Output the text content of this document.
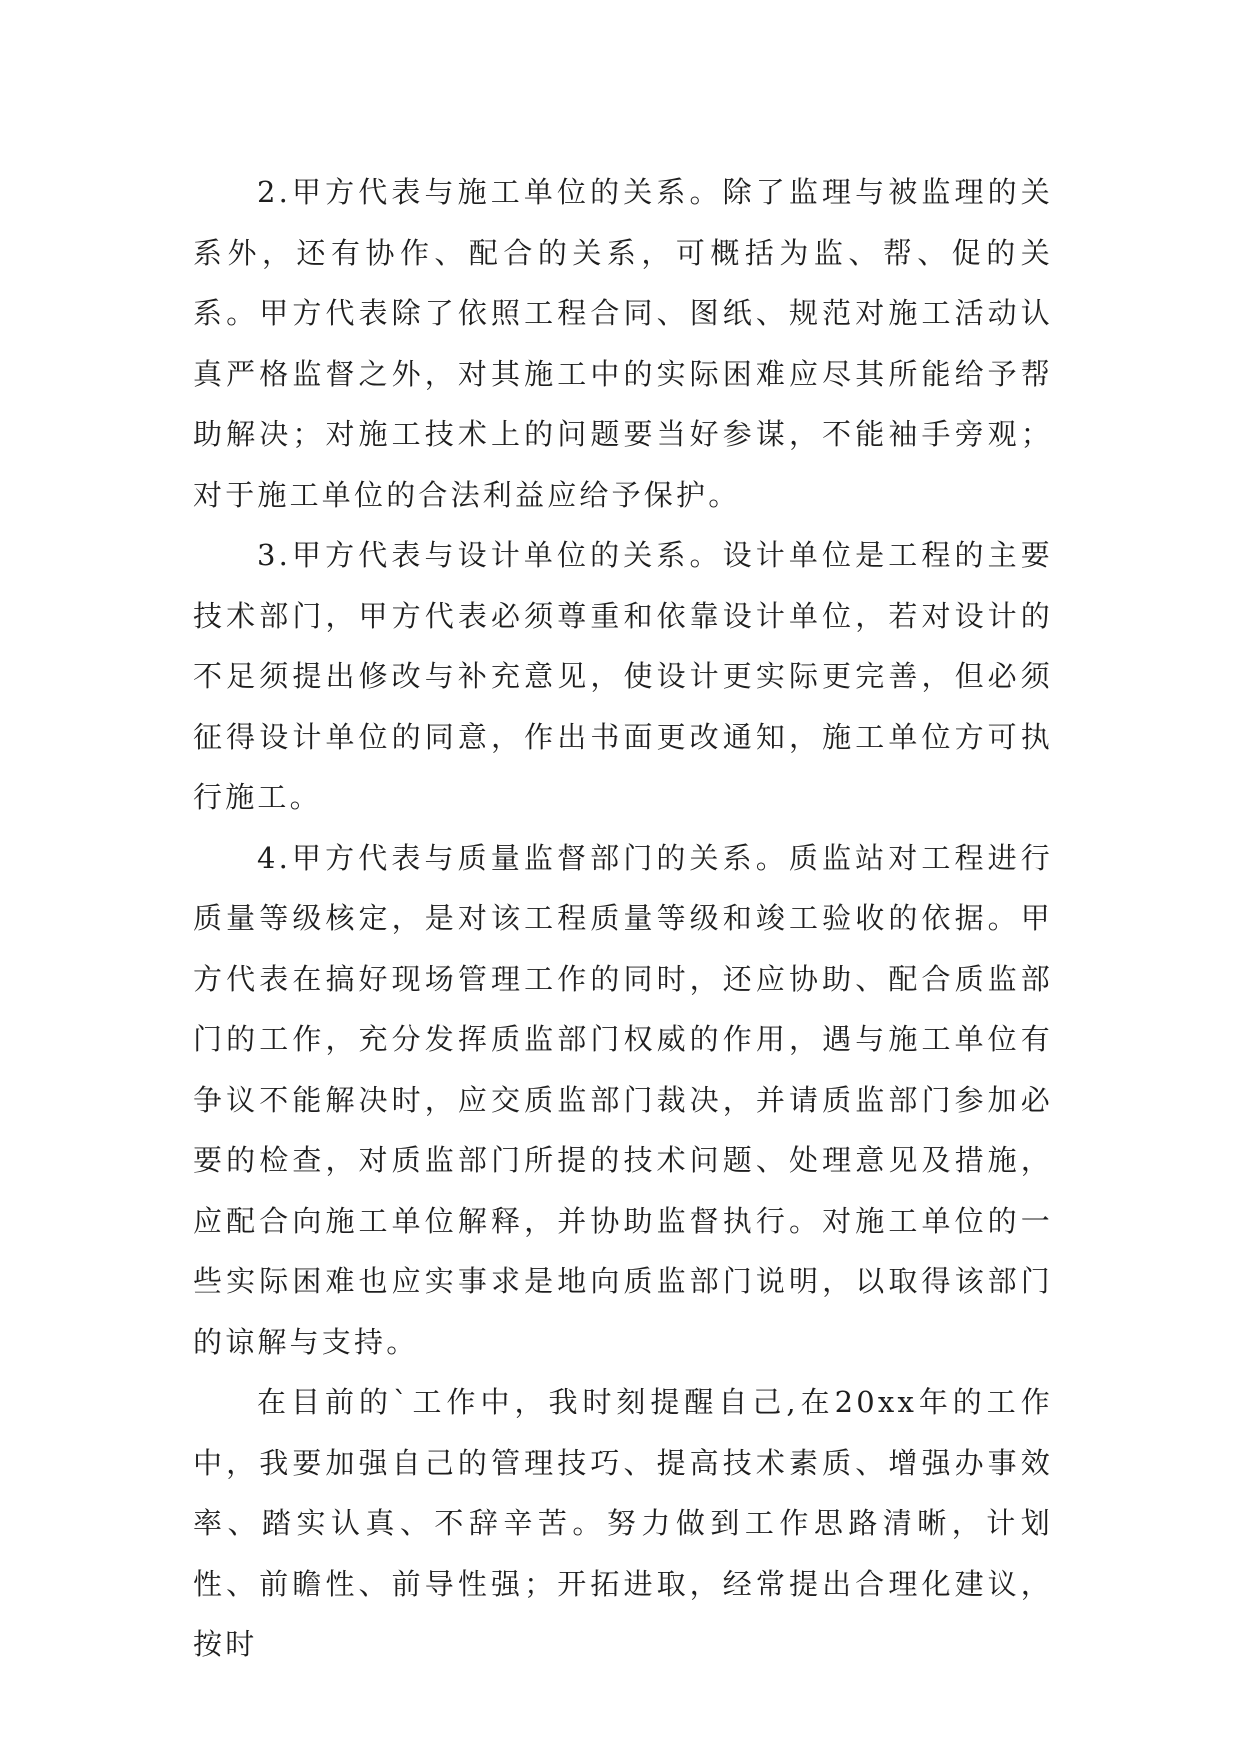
2.甲方代表与施工单位的关系。除了监理与被监理的关系外，还有协作、配合的关系，可概括为监、帮、促的关系。甲方代表除了依照工程合同、图纸、规范对施工活动认真严格监督之外，对其施工中的实际困难应尽其所能给予帮助解决；对施工技术上的问题要当好参谋，不能袖手旁观；对于施工单位的合法利益应给予保护。

3.甲方代表与设计单位的关系。设计单位是工程的主要技术部门，甲方代表必须尊重和依靠设计单位，若对设计的不足须提出修改与补充意见，使设计更实际更完善，但必须征得设计单位的同意，作出书面更改通知，施工单位方可执行施工。

4.甲方代表与质量监督部门的关系。质监站对工程进行质量等级核定，是对该工程质量等级和竣工验收的依据。甲方代表在搞好现场管理工作的同时，还应协助、配合质监部门的工作，充分发挥质监部门权威的作用，遇与施工单位有争议不能解决时，应交质监部门裁决，并请质监部门参加必要的检查，对质监部门所提的技术问题、处理意见及措施，应配合向施工单位解释，并协助监督执行。对施工单位的一些实际困难也应实事求是地向质监部门说明，以取得该部门的谅解与支持。

在目前的`工作中，我时刻提醒自己,在20xx年的工作中，我要加强自己的管理技巧、提高技术素质、增强办事效率、踏实认真、不辞辛苦。努力做到工作思路清晰，计划性、前瞻性、前导性强；开拓进取，经常提出合理化建议，按时
